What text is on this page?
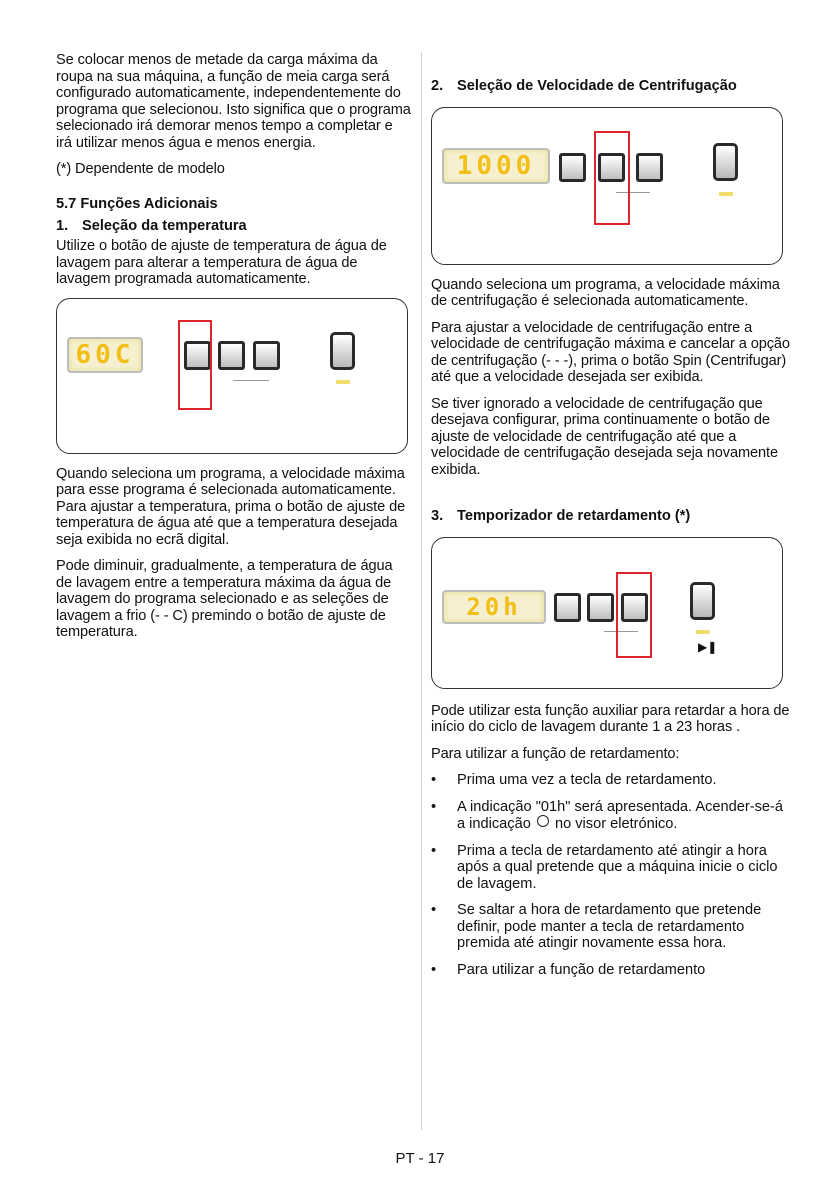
Se colocar menos de metade da carga máxima da roupa na sua máquina, a função de meia carga será configurado automaticamente, independentemente do programa que selecionou. Isto significa que o programa selecionado irá demorar menos tempo a completar e irá utilizar menos água e menos energia.

(*) Dependente de modelo

5.7 Funções Adicionais
1. Seleção da temperatura

Utilize o botão de ajuste de temperatura de água de lavagem para alterar a temperatura de água de lavagem programada automaticamente.

60C

Quando seleciona um programa, a velocidade máxima para esse programa é selecionada automaticamente. Para ajustar a temperatura, prima o botão de ajuste de temperatura de água até que a temperatura desejada seja exibida no ecrã digital.

Pode diminuir, gradualmente, a temperatura de água de lavagem entre a temperatura máxima da água de lavagem do programa selecionado e as seleções de lavagem a frio (- - C) premindo o botão de ajuste de temperatura.

2. Seleção de Velocidade de Centrifugação
1000

Quando seleciona um programa, a velocidade máxima de centrifugação é selecionada automaticamente.

Para ajustar a velocidade de centrifugação entre a velocidade de centrifugação máxima e cancelar a opção de centrifugação (- - -), prima o botão Spin (Centrifugar) até que a velocidade desejada ser exibida.

Se tiver ignorado a velocidade de centrifugação que desejava configurar, prima continuamente o botão de ajuste de velocidade de centrifugação até que a velocidade de centrifugação desejada seja novamente exibida.

3. Temporizador de retardamento (*)
20h
▶❚

Pode utilizar esta função auxiliar para retardar a hora de início do ciclo de lavagem durante 1 a 23 horas .

Para utilizar a função de retardamento:

• Prima uma vez a tecla de retardamento.
• A indicação "01h" será apresentada. Acender-se-á a indicação no visor eletrónico.
• Prima a tecla de retardamento até atingir a hora após a qual pretende que a máquina inicie o ciclo de lavagem.
• Se saltar a hora de retardamento que pretende definir, pode manter a tecla de retardamento premida até atingir novamente essa hora.
• Para utilizar a função de retardamento
PT - 17
